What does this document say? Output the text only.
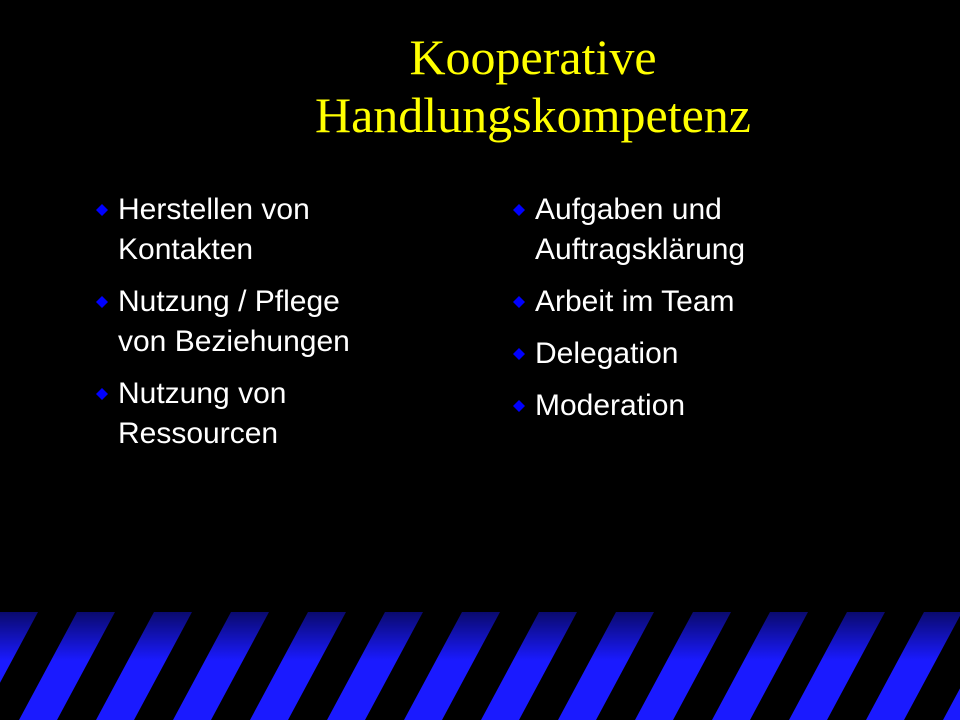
Kooperative
Handlungskompetenz
Herstellen von
Kontakten
Nutzung / Pflege
von Beziehungen
Nutzung von
Ressourcen
Aufgaben und
Auftragsklärung
Arbeit im Team
Delegation
Moderation
